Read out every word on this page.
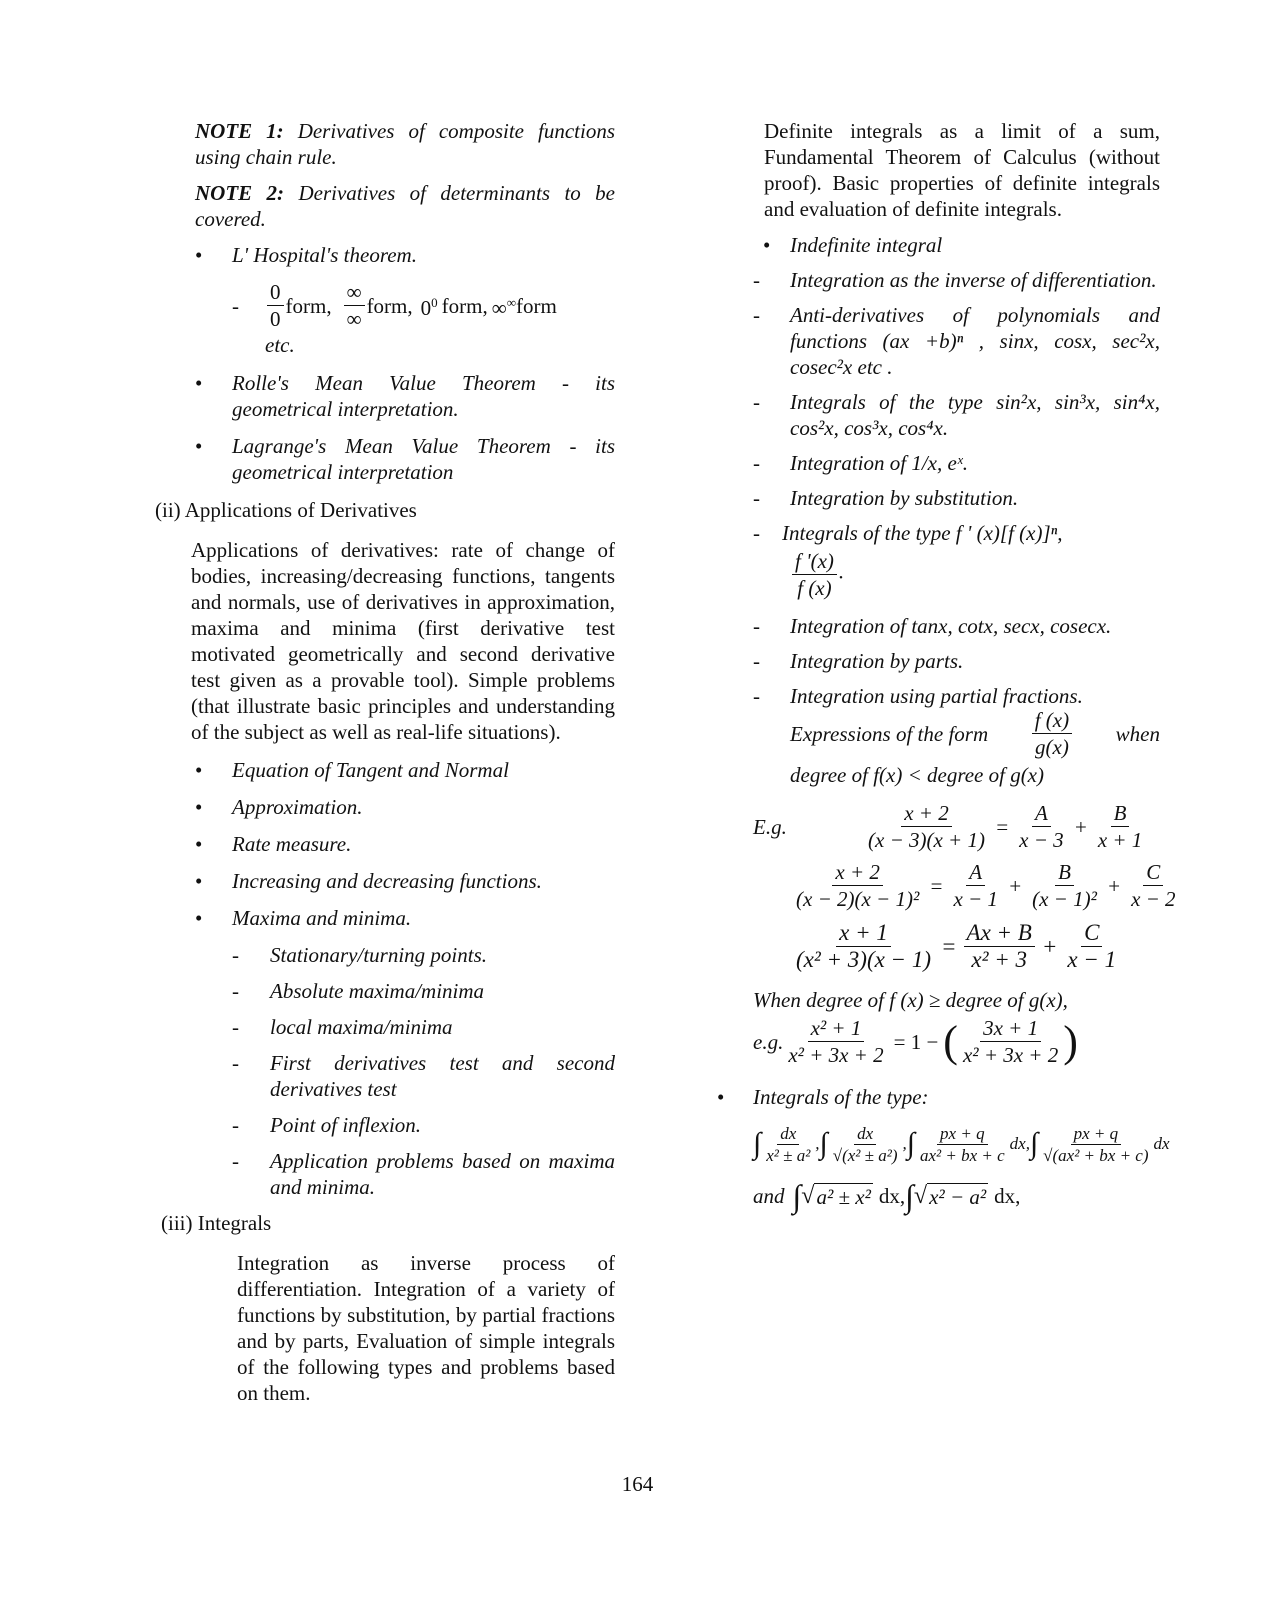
NOTE 1: Derivatives of composite functions using chain rule.

NOTE 2: Derivatives of determinants to be covered.

• L' Hospital's theorem.

- $\frac{0}{0}$ form, $\frac{\infty}{\infty}$ form, $0^0$ form, ∞∞ form
etc.

• Rolle's Mean Value Theorem - its geometrical interpretation.

• Lagrange's Mean Value Theorem - its geometrical interpretation

(ii) Applications of Derivatives

Applications of derivatives: rate of change of bodies, increasing/decreasing functions, tangents and normals, use of derivatives in approximation, maxima and minima (first derivative test motivated geometrically and second derivative test given as a provable tool). Simple problems (that illustrate basic principles and understanding of the subject as well as real-life situations).

• Equation of Tangent and Normal

• Approximation.

• Rate measure.

• Increasing and decreasing functions.

• Maxima and minima.

- Stationary/turning points.

- Absolute maxima/minima

- local maxima/minima

- First derivatives test and second derivatives test

- Point of inflexion.

- Application problems based on maxima and minima.

(iii) Integrals

Integration as inverse process of differentiation. Integration of a variety of functions by substitution, by partial fractions and by parts, Evaluation of simple integrals of the following types and problems based on them.

Definite integrals as a limit of a sum, Fundamental Theorem of Calculus (without proof). Basic properties of definite integrals and evaluation of definite integrals.

• Indefinite integral

- Integration as the inverse of differentiation.

- Anti-derivatives of polynomials and functions (ax +b)ⁿ , sinx, cosx, sec²x, cosec²x etc .

- Integrals of the type sin²x, sin³x, sin⁴x, cos²x, cos³x, cos⁴x.

- Integration of 1/x, eˣ.

- Integration by substitution.

- Integrals of the type f ' (x)[f (x)]ⁿ,
$\frac{f '(x)}{f (x)}$ .

- Integration of tanx, cotx, secx, cosecx.

- Integration by parts.

- Integration using partial fractions.
Expressions of the form $\frac{f (x)}{g(x)}$ when
degree of f(x) < degree of g(x)
E.g.	$\frac{x + 2}{(x - 3)(x + 1)} = \frac{A}{x - 3} + \frac{B}{x + 1}$
$\frac{x + 2}{\text{(x − 2)(x − 1)²}} = \frac{A}{x - 1} + \frac{B}{\text{(x − 1)²}} + \frac{C}{x - 2}$
$\frac{x + 1}{\text{(x² + 3)(x − 1)}} = \frac{Ax + B}{\text{x² + 3}} + \frac{C}{x - 1}$

When degree of f (x) ≥ degree of g(x),

e.g. $\frac{\text{x² + 1}}{\text{x² + 3x + 2}} = 1$ − ( $\frac{3x + 1}{\text{x² + 3x + 2}}$ )

• Integrals of the type:

∫ $\frac{dx}{\text{x² ± a²}}$ , ∫ $\frac{dx}{\text{√(x² ± a²)}}$ , ∫ $\frac{px + q}{\text{ax² + bx + c}}$ dx, ∫ $\frac{px + q}{\text{√(ax² + bx + c)}}$ dx
and ∫ √ a² ± x² dx, ∫ √ x² − a² dx,
164
